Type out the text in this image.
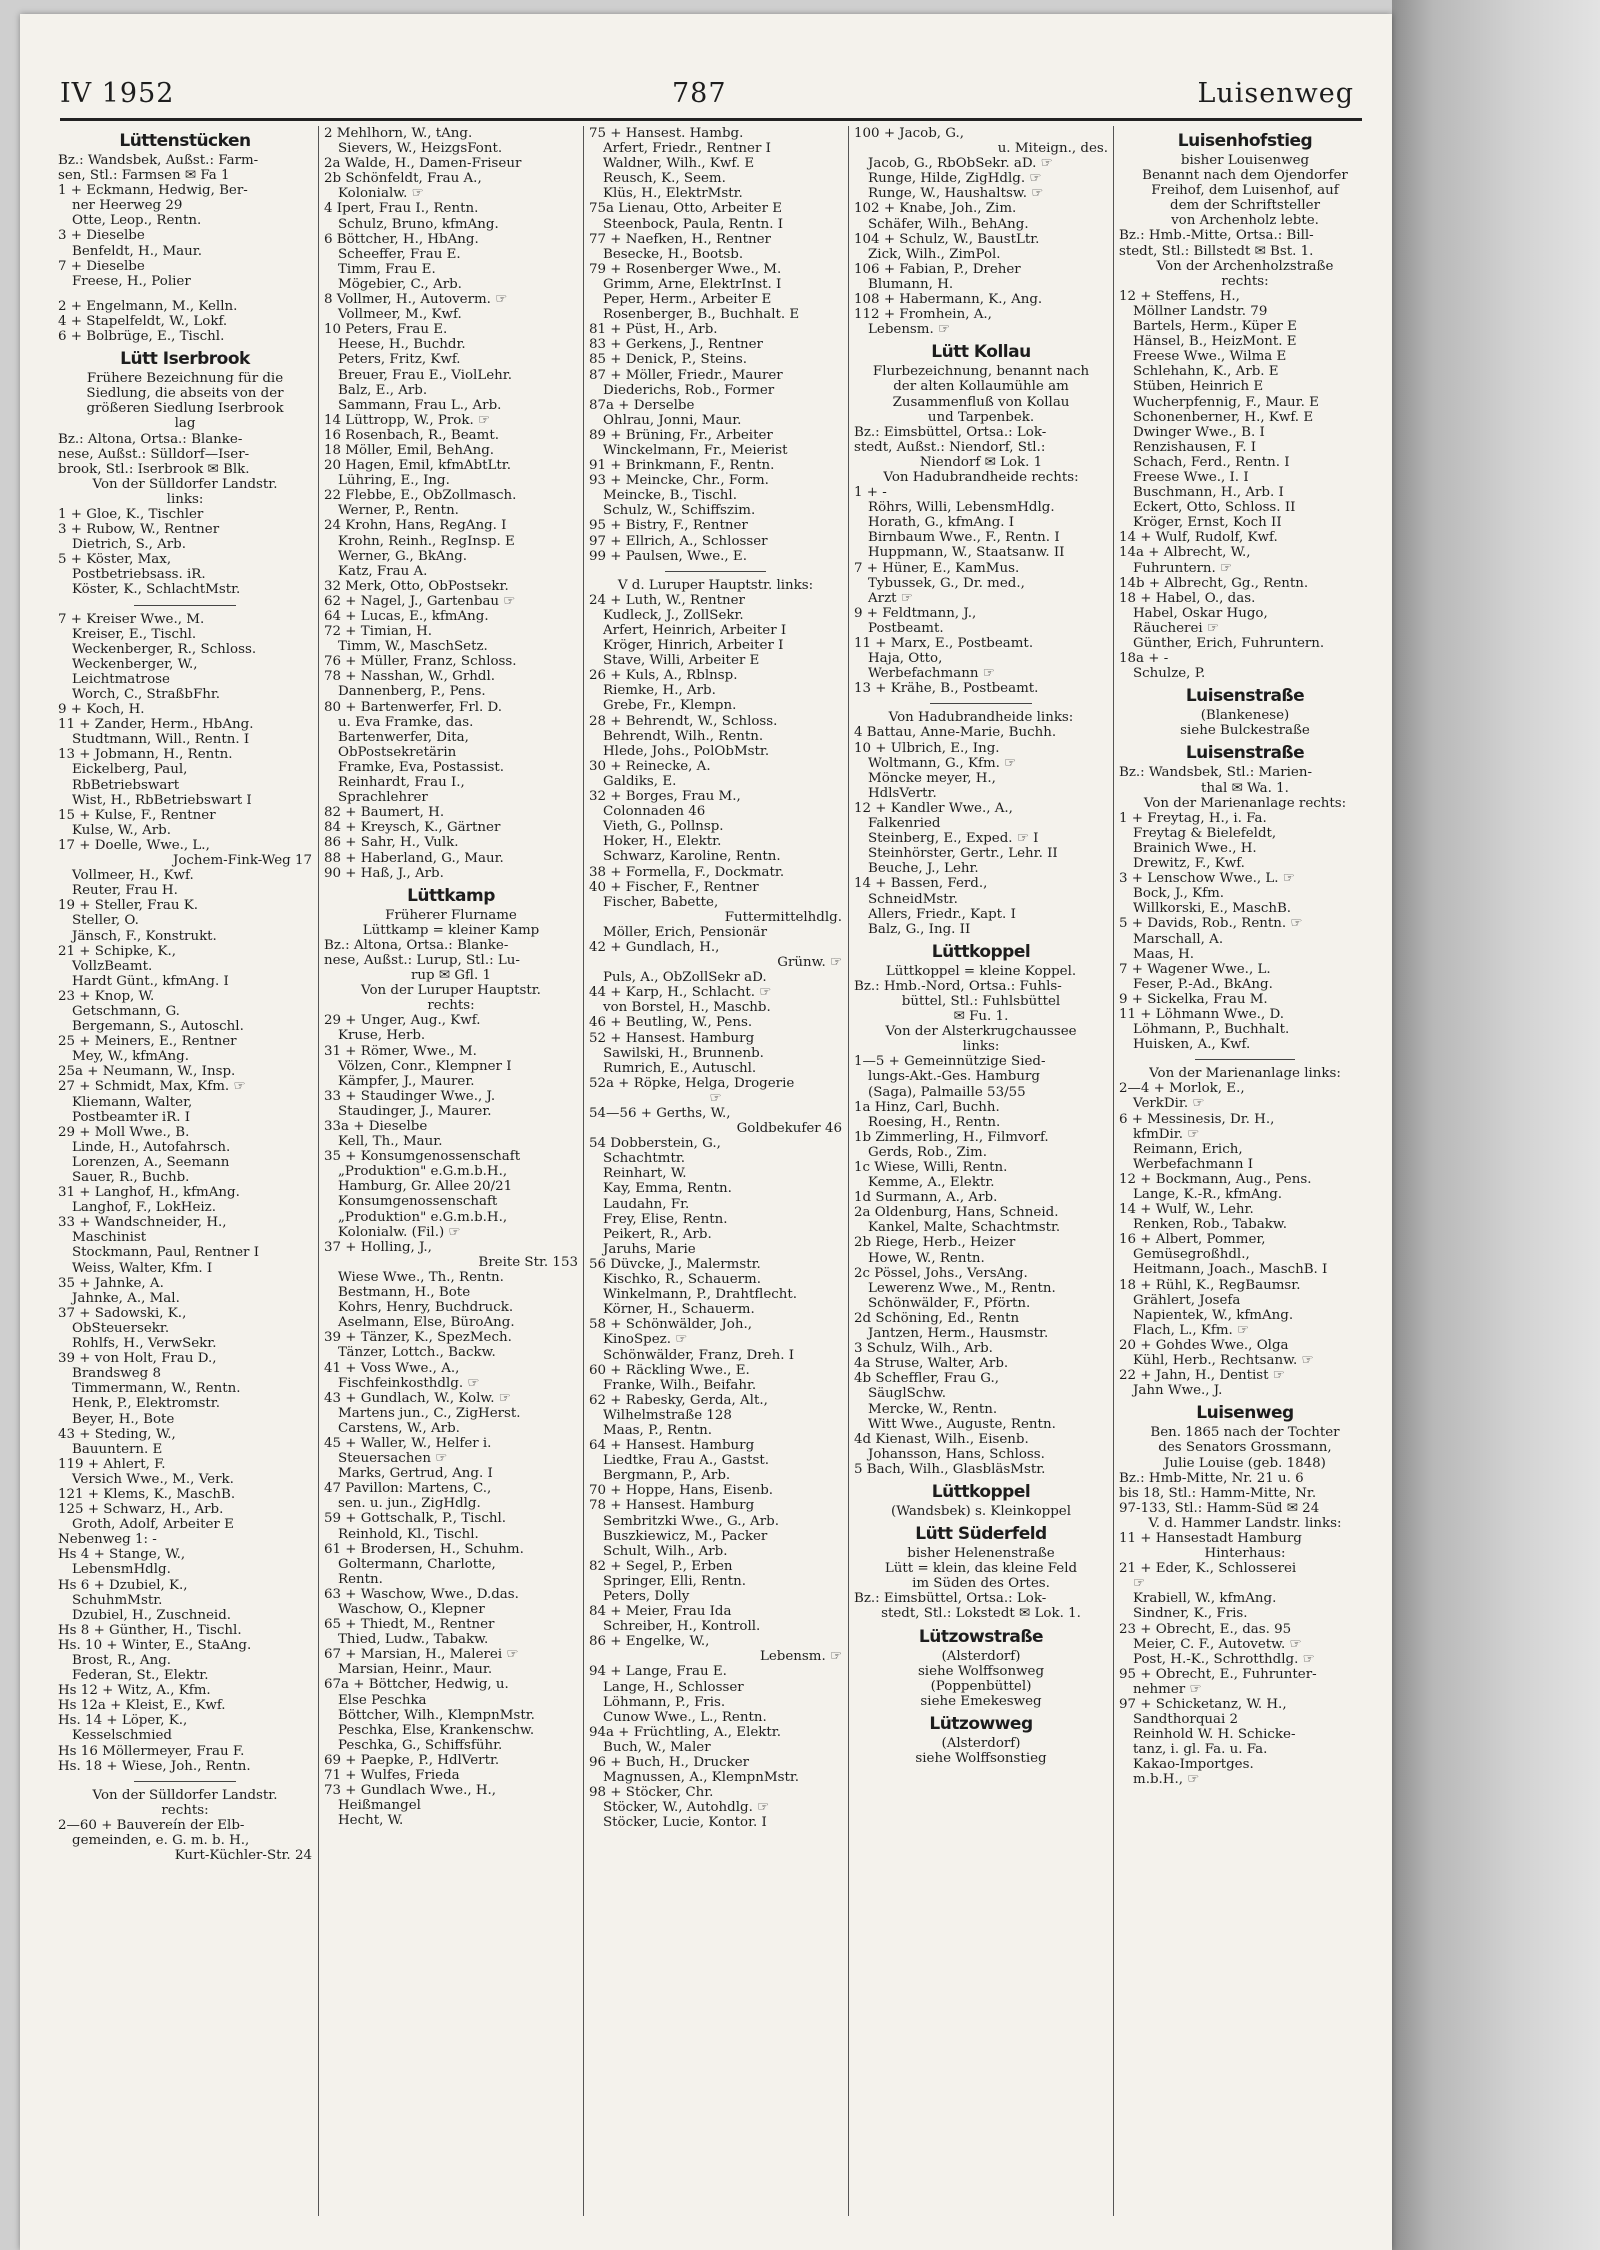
IV 1952	787	Luisenweg
Lüttenstücken
Bz.: Wandsbek, Außst.: Farm-
sen, Stl.: Farmsen ✉ Fa 1
1 + Eckmann, Hedwig, Ber-
ner Heerweg 29
Otte, Leop., Rentn.
3 + Dieselbe
Benfeldt, H., Maur.
7 + Dieselbe
Freese, H., Polier
2 + Engelmann, M., Kelln.
4 + Stapelfeldt, W., Lokf.
6 + Bolbrüge, E., Tischl.
Lütt Iserbrook
Frühere Bezeichnung für die
Siedlung, die abseits von der
größeren Siedlung Iserbrook
lag
Bz.: Altona, Ortsa.: Blanke-
nese, Außst.: Sülldorf—Iser-
brook, Stl.: Iserbrook ✉ Blk.
Von der Sülldorfer Landstr.
links:
1 + Gloe, K., Tischler
3 + Rubow, W., Rentner
Dietrich, S., Arb.
5 + Köster, Max,
Postbetriebsass. iR.
Köster, K., SchlachtMstr.
7 + Kreiser Wwe., M.
Kreiser, E., Tischl.
Weckenberger, R., Schloss.
Weckenberger, W.,
Leichtmatrose
Worch, C., StraßbFhr.
9 + Koch, H.
11 + Zander, Herm., HbAng.
Studtmann, Will., Rentn. I
13 + Jobmann, H., Rentn.
Eickelberg, Paul,
RbBetriebswart
Wist, H., RbBetriebswart I
15 + Kulse, F., Rentner
Kulse, W., Arb.
17 + Doelle, Wwe., L.,
Jochem-Fink-Weg 17
Vollmeer, H., Kwf.
Reuter, Frau H.
19 + Steller, Frau K.
Steller, O.
Jänsch, F., Konstrukt.
21 + Schipke, K.,
VollzBeamt.
Hardt Günt., kfmAng. I
23 + Knop, W.
Getschmann, G.
Bergemann, S., Autoschl.
25 + Meiners, E., Rentner
Mey, W., kfmAng.
25a + Neumann, W., Insp.
27 + Schmidt, Max, Kfm. ☞
Kliemann, Walter,
Postbeamter iR. I
29 + Moll Wwe., B.
Linde, H., Autofahrsch.
Lorenzen, A., Seemann
Sauer, R., Buchb.
31 + Langhof, H., kfmAng.
Langhof, F., LokHeiz.
33 + Wandschneider, H.,
Maschinist
Stockmann, Paul, Rentner I
Weiss, Walter, Kfm. I
35 + Jahnke, A.
Jahnke, A., Mal.
37 + Sadowski, K.,
ObSteuersekr.
Rohlfs, H., VerwSekr.
39 + von Holt, Frau D.,
Brandsweg 8
Timmermann, W., Rentn.
Henk, P., Elektromstr.
Beyer, H., Bote
43 + Steding, W.,
Bauuntern. E
119 + Ahlert, F.
Versich Wwe., M., Verk.
121 + Klems, K., MaschB.
125 + Schwarz, H., Arb.
Groth, Adolf, Arbeiter E
Nebenweg 1: -
Hs 4 + Stange, W.,
LebensmHdlg.
Hs 6 + Dzubiel, K.,
SchuhmMstr.
Dzubiel, H., Zuschneid.
Hs 8 + Günther, H., Tischl.
Hs. 10 + Winter, E., StaAng.
Brost, R., Ang.
Federan, St., Elektr.
Hs 12 + Witz, A., Kfm.
Hs 12a + Kleist, E., Kwf.
Hs. 14 + Löper, K.,
Kesselschmied
Hs 16 Möllermeyer, Frau F.
Hs. 18 + Wiese, Joh., Rentn.
Von der Sülldorfer Landstr.
rechts:
2—60 + Bauvereín der Elb-
gemeinden, e. G. m. b. H.,
Kurt-Küchler-Str. 24
2 Mehlhorn, W., tAng.
Sievers, W., HeizgsFont.
2a Walde, H., Damen-Friseur
2b Schönfeldt, Frau A.,
Kolonialw. ☞
4 Ipert, Frau I., Rentn.
Schulz, Bruno, kfmAng.
6 Böttcher, H., HbAng.
Scheeffer, Frau E.
Timm, Frau E.
Mögebier, C., Arb.
8 Vollmer, H., Autoverm. ☞
Vollmeer, M., Kwf.
10 Peters, Frau E.
Heese, H., Buchdr.
Peters, Fritz, Kwf.
Breuer, Frau E., ViolLehr.
Balz, E., Arb.
Sammann, Frau L., Arb.
14 Lüttropp, W., Prok. ☞
16 Rosenbach, R., Beamt.
18 Möller, Emil, BehAng.
20 Hagen, Emil, kfmAbtLtr.
Lühring, E., Ing.
22 Flebbe, E., ObZollmasch.
Werner, P., Rentn.
24 Krohn, Hans, RegAng. I
Krohn, Reinh., RegInsp. E
Werner, G., BkAng.
Katz, Frau A.
32 Merk, Otto, ObPostsekr.
62 + Nagel, J., Gartenbau ☞
64 + Lucas, E., kfmAng.
72 + Timian, H.
Timm, W., MaschSetz.
76 + Müller, Franz, Schloss.
78 + Nasshan, W., Grhdl.
Dannenberg, P., Pens.
80 + Bartenwerfer, Frl. D.
u. Eva Framke, das.
Bartenwerfer, Dita,
ObPostsekretärin
Framke, Eva, Postassist.
Reinhardt, Frau I.,
Sprachlehrer
82 + Baumert, H.
84 + Kreysch, K., Gärtner
86 + Sahr, H., Vulk.
88 + Haberland, G., Maur.
90 + Haß, J., Arb.
Lüttkamp
Früherer Flurname
Lüttkamp = kleiner Kamp
Bz.: Altona, Ortsa.: Blanke-
nese, Außst.: Lurup, Stl.: Lu-
rup ✉ Gfl. 1
Von der Luruper Hauptstr.
rechts:
29 + Unger, Aug., Kwf.
Kruse, Herb.
31 + Römer, Wwe., M.
Völzen, Conr., Klempner I
Kämpfer, J., Maurer.
33 + Staudinger Wwe., J.
Staudinger, J., Maurer.
33a + Dieselbe
Kell, Th., Maur.
35 + Konsumgenossenschaft
„Produktion" e.G.m.b.H.,
Hamburg, Gr. Allee 20/21
Konsumgenossenschaft
„Produktion" e.G.m.b.H.,
Kolonialw. (Fil.) ☞
37 + Holling, J.,
Breite Str. 153
Wiese Wwe., Th., Rentn.
Bestmann, H., Bote
Kohrs, Henry, Buchdruck.
Aselmann, Else, BüroAng.
39 + Tänzer, K., SpezMech.
Tänzer, Lottch., Backw.
41 + Voss Wwe., A.,
Fischfeinkosthdlg. ☞
43 + Gundlach, W., Kolw. ☞
Martens jun., C., ZigHerst.
Carstens, W., Arb.
45 + Waller, W., Helfer i.
Steuersachen ☞
Marks, Gertrud, Ang. I
47 Pavillon: Martens, C.,
sen. u. jun., ZigHdlg.
59 + Gottschalk, P., Tischl.
Reinhold, Kl., Tischl.
61 + Brodersen, H., Schuhm.
Goltermann, Charlotte,
Rentn.
63 + Waschow, Wwe., D.das.
Waschow, O., Klepner
65 + Thiedt, M., Rentner
Thied, Ludw., Tabakw.
67 + Marsian, H., Malerei ☞
Marsian, Heinr., Maur.
67a + Böttcher, Hedwig, u.
Else Peschka
Böttcher, Wilh., KlempnMstr.
Peschka, Else, Krankenschw.
Peschka, G., Schiffsführ.
69 + Paepke, P., HdlVertr.
71 + Wulfes, Frieda
73 + Gundlach Wwe., H.,
Heißmangel
Hecht, W.
75 + Hansest. Hambg.
Arfert, Friedr., Rentner I
Waldner, Wilh., Kwf. E
Reusch, K., Seem.
Klüs, H., ElektrMstr.
75a Lienau, Otto, Arbeiter E
Steenbock, Paula, Rentn. I
77 + Naefken, H., Rentner
Besecke, H., Bootsb.
79 + Rosenberger Wwe., M.
Grimm, Arne, ElektrInst. I
Peper, Herm., Arbeiter E
Rosenberger, B., Buchhalt. E
81 + Püst, H., Arb.
83 + Gerkens, J., Rentner
85 + Denick, P., Steins.
87 + Möller, Friedr., Maurer
Diederichs, Rob., Former
87a + Derselbe
Ohlrau, Jonni, Maur.
89 + Brüning, Fr., Arbeiter
Winckelmann, Fr., Meierist
91 + Brinkmann, F., Rentn.
93 + Meincke, Chr., Form.
Meincke, B., Tischl.
Schulz, W., Schiffszim.
95 + Bistry, F., Rentner
97 + Ellrich, A., Schlosser
99 + Paulsen, Wwe., E.
V d. Luruper Hauptstr. links:
24 + Luth, W., Rentner
Kudleck, J., ZollSekr.
Arfert, Heinrich, Arbeiter I
Kröger, Hinrich, Arbeiter I
Stave, Willi, Arbeiter E
26 + Kuls, A., Rblnsp.
Riemke, H., Arb.
Grebe, Fr., Klempn.
28 + Behrendt, W., Schloss.
Behrendt, Wilh., Rentn.
Hlede, Johs., PolObMstr.
30 + Reinecke, A.
Galdiks, E.
32 + Borges, Frau M.,
Colonnaden 46
Vieth, G., Pollnsp.
Hoker, H., Elektr.
Schwarz, Karoline, Rentn.
38 + Formella, F., Dockmatr.
40 + Fischer, F., Rentner
Fischer, Babette,
Futtermittelhdlg.
Möller, Erich, Pensionär
42 + Gundlach, H.,
Grünw. ☞
Puls, A., ObZollSekr aD.
44 + Karp, H., Schlacht. ☞
von Borstel, H., Maschb.
46 + Beutling, W., Pens.
52 + Hansest. Hamburg
Sawilski, H., Brunnenb.
Rumrich, E., Autuschl.
52a + Röpke, Helga, Drogerie
☞
54—56 + Gerths, W.,
Goldbekufer 46
54 Dobberstein, G.,
Schachtmtr.
Reinhart, W.
Kay, Emma, Rentn.
Laudahn, Fr.
Frey, Elise, Rentn.
Peikert, R., Arb.
Jaruhs, Marie
56 Düvcke, J., Malermstr.
Kischko, R., Schauerm.
Winkelmann, P., Drahtflecht.
Körner, H., Schauerm.
58 + Schönwälder, Joh.,
KinoSpez. ☞
Schönwälder, Franz, Dreh. I
60 + Räckling Wwe., E.
Franke, Wilh., Beifahr.
62 + Rabesky, Gerda, Alt.,
Wilhelmstraße 128
Maas, P., Rentn.
64 + Hansest. Hamburg
Liedtke, Frau A., Gastst.
Bergmann, P., Arb.
70 + Hoppe, Hans, Eisenb.
78 + Hansest. Hamburg
Sembritzki Wwe., G., Arb.
Buszkiewicz, M., Packer
Schult, Wilh., Arb.
82 + Segel, P., Erben
Springer, Elli, Rentn.
Peters, Dolly
84 + Meier, Frau Ida
Schreiber, H., Kontroll.
86 + Engelke, W.,
Lebensm. ☞
94 + Lange, Frau E.
Lange, H., Schlosser
Löhmann, P., Fris.
Cunow Wwe., L., Rentn.
94a + Früchtling, A., Elektr.
Buch, W., Maler
96 + Buch, H., Drucker
Magnussen, A., KlempnMstr.
98 + Stöcker, Chr.
Stöcker, W., Autohdlg. ☞
Stöcker, Lucie, Kontor. I
100 + Jacob, G.,
u. Miteign., des.
Jacob, G., RbObSekr. aD. ☞
Runge, Hilde, ZigHdlg. ☞
Runge, W., Haushaltsw. ☞
102 + Knabe, Joh., Zim.
Schäfer, Wilh., BehAng.
104 + Schulz, W., BaustLtr.
Zick, Wilh., ZimPol.
106 + Fabian, P., Dreher
Blumann, H.
108 + Habermann, K., Ang.
112 + Fromhein, A.,
Lebensm. ☞
Lütt Kollau
Flurbezeichnung, benannt nach
der alten Kollaumühle am
Zusammenfluß von Kollau
und Tarpenbek.
Bz.: Eimsbüttel, Ortsa.: Lok-
stedt, Außst.: Niendorf, Stl.:
Niendorf ✉ Lok. 1
Von Hadubrandheide rechts:
1 + -
Röhrs, Willi, LebensmHdlg.
Horath, G., kfmAng. I
Birnbaum Wwe., F., Rentn. I
Huppmann, W., Staatsanw. II
7 + Hüner, E., KamMus.
Tybussek, G., Dr. med.,
Arzt ☞
9 + Feldtmann, J.,
Postbeamt.
11 + Marx, E., Postbeamt.
Haja, Otto,
Werbefachmann ☞
13 + Krähe, B., Postbeamt.
Von Hadubrandheide links:
4 Battau, Anne-Marie, Buchh.
10 + Ulbrich, E., Ing.
Woltmann, G., Kfm. ☞
Möncke meyer, H.,
HdlsVertr.
12 + Kandler Wwe., A.,
Falkenried
Steinberg, E., Exped. ☞ I
Steinhörster, Gertr., Lehr. II
Beuche, J., Lehr.
14 + Bassen, Ferd.,
SchneidMstr.
Allers, Friedr., Kapt. I
Balz, G., Ing. II
Lüttkoppel
Lüttkoppel = kleine Koppel.
Bz.: Hmb.-Nord, Ortsa.: Fuhls-
büttel, Stl.: Fuhlsbüttel
✉ Fu. 1.
Von der Alsterkrugchaussee
links:
1—5 + Gemeinnützige Sied-
lungs-Akt.-Ges. Hamburg
(Saga), Palmaille 53/55
1a Hinz, Carl, Buchh.
Roesing, H., Rentn.
1b Zimmerling, H., Filmvorf.
Gerds, Rob., Zim.
1c Wiese, Willi, Rentn.
Kemme, A., Elektr.
1d Surmann, A., Arb.
2a Oldenburg, Hans, Schneid.
Kankel, Malte, Schachtmstr.
2b Riege, Herb., Heizer
Howe, W., Rentn.
2c Pössel, Johs., VersAng.
Lewerenz Wwe., M., Rentn.
Schönwälder, F., Pförtn.
2d Schöning, Ed., Rentn
Jantzen, Herm., Hausmstr.
3 Schulz, Wilh., Arb.
4a Struse, Walter, Arb.
4b Scheffler, Frau G.,
SäuglSchw.
Mercke, W., Rentn.
Witt Wwe., Auguste, Rentn.
4d Kienast, Wilh., Eisenb.
Johansson, Hans, Schloss.
5 Bach, Wilh., GlasbläsMstr.
Lüttkoppel
(Wandsbek) s. Kleinkoppel
Lütt Süderfeld
bisher Helenenstraße
Lütt = klein, das kleine Feld
im Süden des Ortes.
Bz.: Eimsbüttel, Ortsa.: Lok-
stedt, Stl.: Lokstedt ✉ Lok. 1.
Lützowstraße
(Alsterdorf)
siehe Wolffsonweg
(Poppenbüttel)
siehe Emekesweg
Lützowweg
(Alsterdorf)
siehe Wolffsonstieg
Luisenhofstieg
bisher Louisenweg
Benannt nach dem Ojendorfer
Freihof, dem Luisenhof, auf
dem der Schriftsteller
von Archenholz lebte.
Bz.: Hmb.-Mitte, Ortsa.: Bill-
stedt, Stl.: Billstedt ✉ Bst. 1.
Von der Archenholzstraße
rechts:
12 + Steffens, H.,
Möllner Landstr. 79
Bartels, Herm., Küper E
Hänsel, B., HeizMont. E
Freese Wwe., Wilma E
Schlehahn, K., Arb. E
Stüben, Heinrich E
Wucherpfennig, F., Maur. E
Schonenberner, H., Kwf. E
Dwinger Wwe., B. I
Renzishausen, F. I
Schach, Ferd., Rentn. I
Freese Wwe., I. I
Buschmann, H., Arb. I
Eckert, Otto, Schloss. II
Kröger, Ernst, Koch II
14 + Wulf, Rudolf, Kwf.
14a + Albrecht, W.,
Fuhruntern. ☞
14b + Albrecht, Gg., Rentn.
18 + Habel, O., das.
Habel, Oskar Hugo,
Räucherei ☞
Günther, Erich, Fuhruntern.
18a + -
Schulze, P.
Luisenstraße
(Blankenese)
siehe Bulckestraße
Luisenstraße
Bz.: Wandsbek, Stl.: Marien-
thal ✉ Wa. 1.
Von der Marienanlage rechts:
1 + Freytag, H., i. Fa.
Freytag & Bielefeldt,
Brainich Wwe., H.
Drewitz, F., Kwf.
3 + Lenschow Wwe., L. ☞
Bock, J., Kfm.
Willkorski, E., MaschB.
5 + Davids, Rob., Rentn. ☞
Marschall, A.
Maas, H.
7 + Wagener Wwe., L.
Feser, P.-Ad., BkAng.
9 + Sickelka, Frau M.
11 + Löhmann Wwe., D.
Löhmann, P., Buchhalt.
Huisken, A., Kwf.
Von der Marienanlage links:
2—4 + Morlok, E.,
VerkDir. ☞
6 + Messinesis, Dr. H.,
kfmDir. ☞
Reimann, Erich,
Werbefachmann I
12 + Bockmann, Aug., Pens.
Lange, K.-R., kfmAng.
14 + Wulf, W., Lehr.
Renken, Rob., Tabakw.
16 + Albert, Pommer,
Gemüsegroßhdl.,
Heitmann, Joach., MaschB. I
18 + Rühl, K., RegBaumsr.
Grählert, Josefa
Napientek, W., kfmAng.
Flach, L., Kfm. ☞
20 + Gohdes Wwe., Olga
Kühl, Herb., Rechtsanw. ☞
22 + Jahn, H., Dentist ☞
Jahn Wwe., J.
Luisenweg
Ben. 1865 nach der Tochter
des Senators Grossmann,
Julie Louise (geb. 1848)
Bz.: Hmb-Mitte, Nr. 21 u. 6
bis 18, Stl.: Hamm-Mitte, Nr.
97-133, Stl.: Hamm-Süd ✉ 24
V. d. Hammer Landstr. links:
11 + Hansestadt Hamburg
Hinterhaus:
21 + Eder, K., Schlosserei
☞
Krabiell, W., kfmAng.
Sindner, K., Fris.
23 + Obrecht, E., das. 95
Meier, C. F., Autovetw. ☞
Post, H.-K., Schrotthdlg. ☞
95 + Obrecht, E., Fuhrunter-
nehmer ☞
97 + Schicketanz, W. H.,
Sandthorquai 2
Reinhold W. H. Schicke-
tanz, i. gl. Fa. u. Fa.
Kakao-Importges.
m.b.H., ☞
